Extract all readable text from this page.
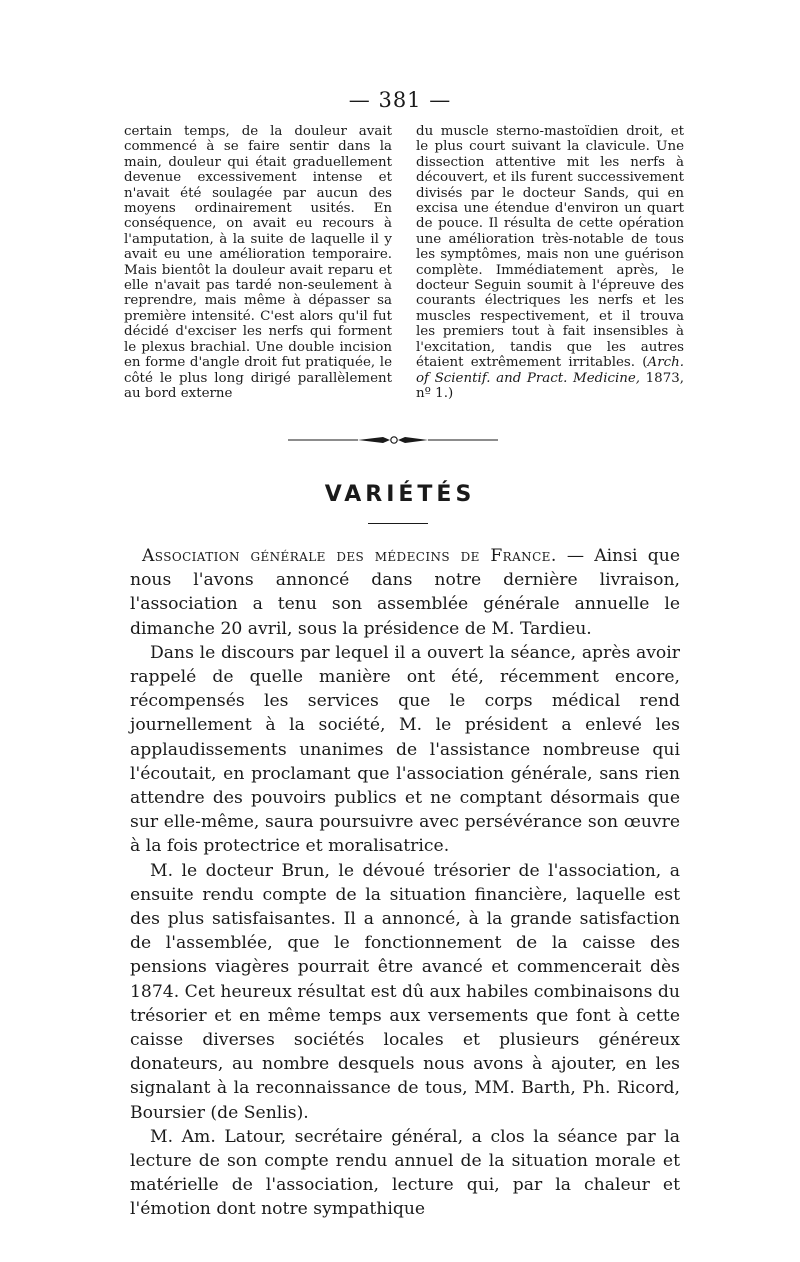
— 381 —

certain temps, de la douleur avait commencé à se faire sentir dans la main, douleur qui était graduellement devenue excessivement intense et n'avait été soulagée par aucun des moyens ordinairement usités. En conséquence, on avait eu recours à l'amputation, à la suite de laquelle il y avait eu une amélioration temporaire. Mais bientôt la douleur avait reparu et elle n'avait pas tardé non-seulement à reprendre, mais même à dépasser sa première intensité. C'est alors qu'il fut décidé d'exciser les nerfs qui forment le plexus brachial. Une double incision en forme d'angle droit fut pratiquée, le côté le plus long dirigé parallèlement au bord externe

du muscle sterno-mastoïdien droit, et le plus court suivant la clavicule. Une dissection attentive mit les nerfs à découvert, et ils furent successivement divisés par le docteur Sands, qui en excisa une étendue d'environ un quart de pouce. Il résulta de cette opération une amélioration très-notable de tous les symptômes, mais non une guérison complète. Immédiatement après, le docteur Seguin soumit à l'épreuve des courants électriques les nerfs et les muscles respectivement, et il trouva les premiers tout à fait insensibles à l'excitation, tandis que les autres étaient extrêmement irritables. (Arch. of Scientif. and Pract. Medicine, 1873, nº 1.)

VARIÉTÉS

Association générale des médecins de France. — Ainsi que nous l'avons annoncé dans notre dernière livraison, l'association a tenu son assemblée générale annuelle le dimanche 20 avril, sous la présidence de M. Tardieu.

Dans le discours par lequel il a ouvert la séance, après avoir rappelé de quelle manière ont été, récemment encore, récompensés les services que le corps médical rend journellement à la société, M. le président a enlevé les applaudissements unanimes de l'assistance nombreuse qui l'écoutait, en proclamant que l'association générale, sans rien attendre des pouvoirs publics et ne comptant désormais que sur elle-même, saura poursuivre avec persévérance son œuvre à la fois protectrice et moralisatrice.

M. le docteur Brun, le dévoué trésorier de l'association, a ensuite rendu compte de la situation financière, laquelle est des plus satisfaisantes. Il a annoncé, à la grande satisfaction de l'assemblée, que le fonctionnement de la caisse des pensions viagères pourrait être avancé et commencerait dès 1874. Cet heureux résultat est dû aux habiles combinaisons du trésorier et en même temps aux versements que font à cette caisse diverses sociétés locales et plusieurs généreux donateurs, au nombre desquels nous avons à ajouter, en les signalant à la reconnaissance de tous, MM. Barth, Ph. Ricord, Boursier (de Senlis).

M. Am. Latour, secrétaire général, a clos la séance par la lecture de son compte rendu annuel de la situation morale et matérielle de l'association, lecture qui, par la chaleur et l'émotion dont notre sympathique
